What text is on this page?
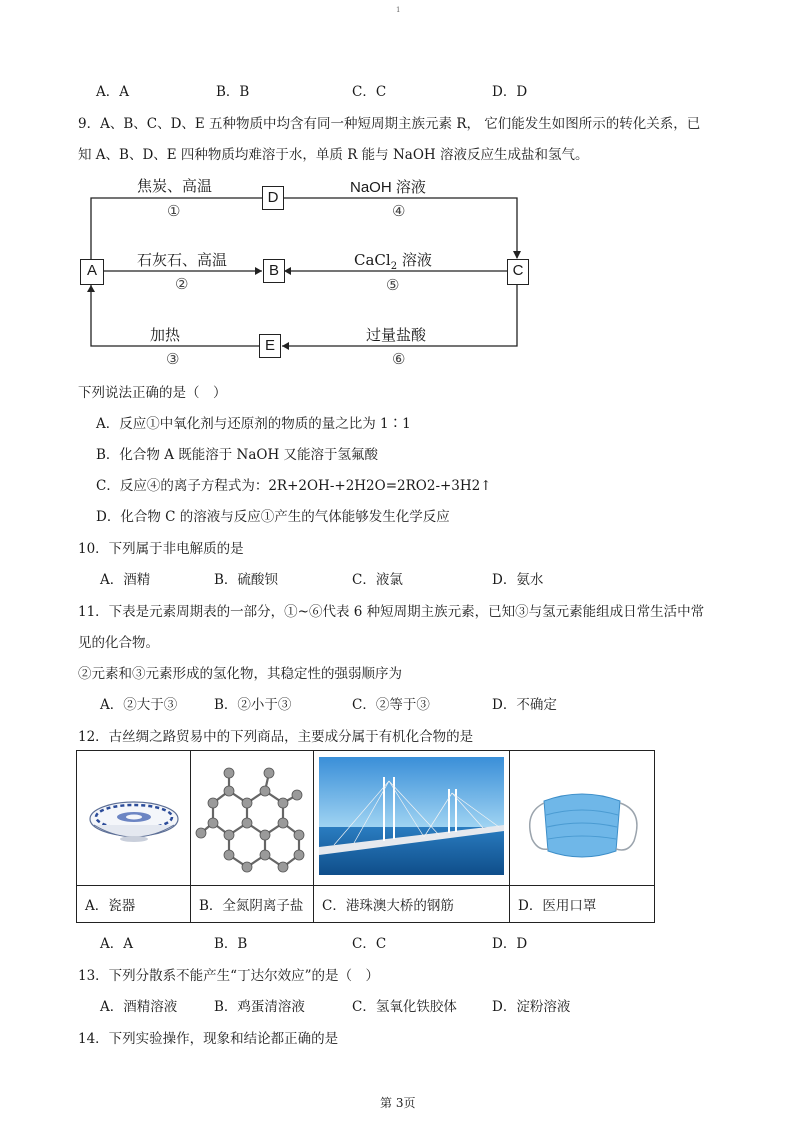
1
A．A	B．B	C．C	D．D
9．A、B、C、D、E 五种物质中均含有同一种短周期主族元素 R， 它们能发生如图所示的转化关系，已
知 A、B、D、E 四种物质均难溶于水，单质 R 能与 NaOH 溶液反应生成盐和氢气。
D
A	B	C
E
焦炭、高温
①
NaOH 溶液
④
石灰石、高温
②
CaCl$_2$ 溶液
⑤
加热
③
过量盐酸
⑥
下列说法正确的是（　）
A．反应①中氧化剂与还原剂的物质的量之比为 1∶1
B．化合物 A 既能溶于 NaOH 又能溶于氢氟酸
C．反应④的离子方程式为：2R+2OH-+2H2O=2RO2-+3H2↑
D．化合物 C 的溶液与反应①产生的气体能够发生化学反应
10．下列属于非电解质的是
A．酒精	B．硫酸钡	C．液氯	D．氨水
11．下表是元素周期表的一部分，①~⑥代表 6 种短周期主族元素，已知③与氢元素能组成日常生活中常
见的化合物。
②元素和③元素形成的氢化物，其稳定性的强弱顺序为
A．②大于③	B．②小于③	C．②等于③	D．不确定
12．古丝绸之路贸易中的下列商品，主要成分属于有机化合物的是

A．瓷器	B．全氮阴离子盐	C．港珠澳大桥的钢筋	D．医用口罩
A．A	B．B	C．C	D．D
13．下列分散系不能产生“丁达尔效应”的是（　）
A．酒精溶液	B．鸡蛋清溶液	C．氢氧化铁胶体	D．淀粉溶液
14．下列实验操作，现象和结论都正确的是
第 3页
